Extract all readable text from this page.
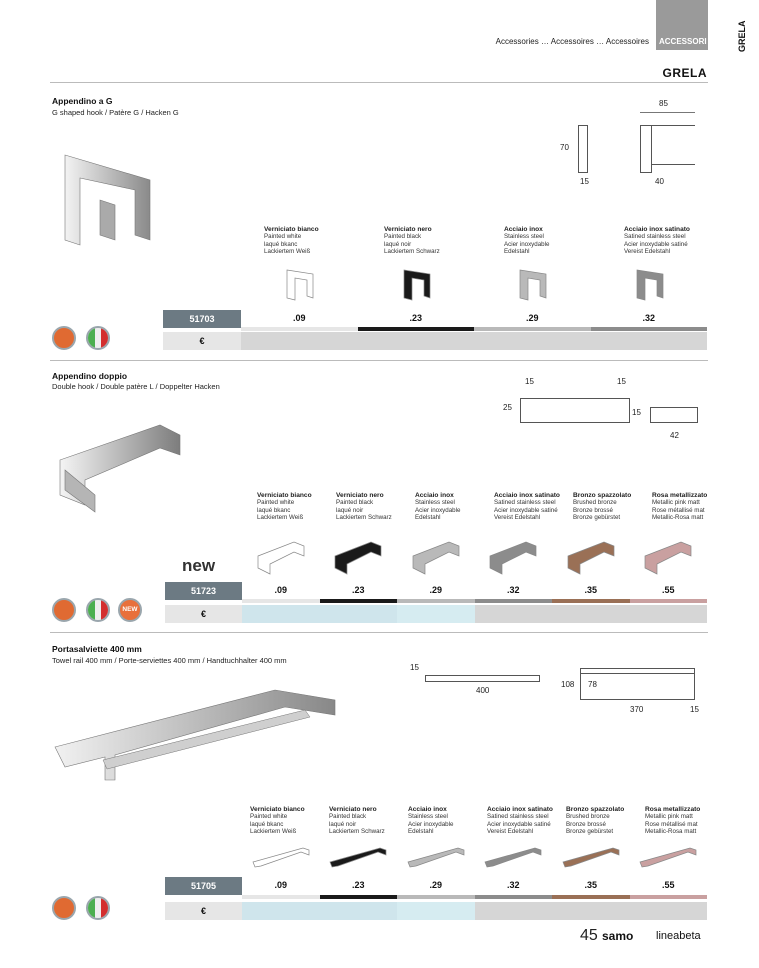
Accessories … Accessoires … Accessoires ACCESSORI	GRELA
GRELA
Appendino a G
G shaped hook / Patère G / Hacken G
70
15
85
40
Verniciato bianco
Painted white
laqué bkanc
Lackiertem Weiß
Verniciato nero
Painted black
laqué noir
Lackiertem Schwarz
Acciaio inox
Stainless steel
Acier inoxydable
Edelstahl
Acciaio inox satinato
Satined stainless steel
Acier inoxydable satiné
Vereist Edelstahl
.09	.23	.29	.32
51703
€
Appendino doppio
Double hook / Double patère L / Doppelter Hacken
15	15
25
15
42
Verniciato bianco
Painted white
laqué bkanc
Lackiertem Weiß
Verniciato nero
Painted black
laqué noir
Lackiertem Schwarz
Acciaio inox
Stainless steel
Acier inoxydable
Edelstahl
Acciaio inox satinato
Satined stainless steel
Acier inoxydable satiné
Vereist Edelstahl
Bronzo spazzolato
Brushed bronze
Bronze brossé
Bronze gebürstet
Rosa metallizzato
Metallic pink matt
Rose métallisé mat
Metallic-Rosa matt
new
.09	.23	.29	.32	.35	.55
51723
€
NEW
Portasalviette 400 mm
Towel rail 400 mm / Porte-serviettes 400 mm / Handtuchhalter 400 mm
15
400
108 78
370	15
Verniciato bianco
Painted white
laqué bkanc
Lackiertem Weiß
Verniciato nero
Painted black
laqué noir
Lackiertem Schwarz
Acciaio inox
Stainless steel
Acier inoxydable
Edelstahl
Acciaio inox satinato
Satined stainless steel
Acier inoxydable satiné
Vereist Edelstahl
Bronzo spazzolato
Brushed bronze
Bronze brossé
Bronze gebürstet
Rosa metallizzato
Metallic pink matt
Rose métallisé mat
Metallic-Rosa matt
.09	.23	.29	.32	.35	.55
51705
€
45 samo lineabeta
